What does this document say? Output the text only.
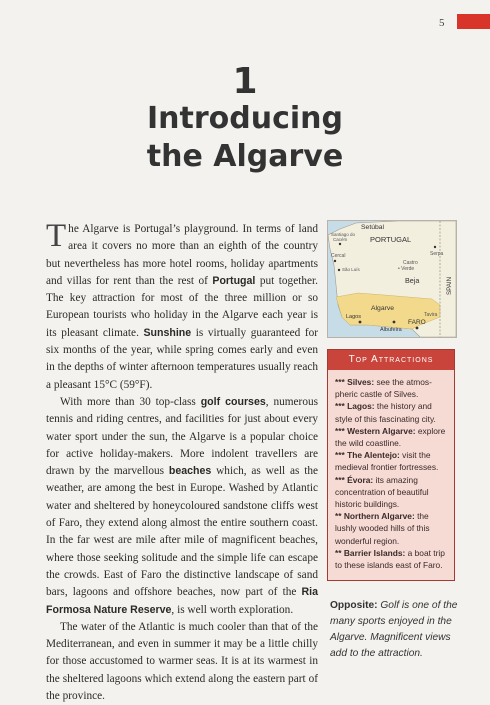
5
1
Introducing
the Algarve

The Algarve is Portugal’s playground. In terms of land area it covers no more than an eighth of the country but nevertheless has more hotel rooms, holiday apartments and villas for rent than the rest of Portugal put together. The key attraction for most of the three million or so European tourists who holiday in the Algarve each year is its pleasant climate. Sunshine is virtually guaranteed for six months of the year, while spring comes early and even in the depths of winter afternoon temperatures usually reach a pleasant 15°C (59°F).

With more than 30 top-class golf courses, numerous tennis and riding centres, and facilities for just about every water sport under the sun, the Algarve is a popular choice for active holiday-makers. More indolent travellers are drawn by the marvellous beaches which, as well as the weather, are among the best in Europe. Washed by Atlantic water and sheltered by honeycoloured sandstone cliffs west of Faro, they extend along almost the entire southern coast. In the far west are mile after mile of magnificent beaches, where those seeking solitude and the simple life can escape the crowds. East of Faro the distinctive landscape of sand bars, lagoons and offshore beaches, now part of the Ria Formosa Nature Reserve, is well worth exploration.

The water of the Atlantic is much cooler than that of the Mediterranean, and even in summer it may be a little chilly for those accustomed to warmer seas. It is at its warmest in the sheltered lagoons which extend along the eastern part of the province.

Setúbal
Santiago do
Cacém	PORTUGAL
Serpa
Cercal
Castro
• Verde
São Luís
Beja	SPAIN
Algarve
Tavira
Lagos
FARO
Albufeira
Top Attractions
*** Silves: see the atmospheric castle of Silves.
*** Lagos: the history and style of this fascinating city.
*** Western Algarve: explore the wild coastline.
*** The Alentejo: visit the medieval frontier fortresses.
*** Évora: its amazing concentration of beautiful historic buildings.
** Northern Algarve: the lushly wooded hills of this wonderful region.
** Barrier Islands: a boat trip to these islands east of Faro.
Opposite: Golf is one of the many sports enjoyed in the Algarve. Magnificent views add to the attraction.
